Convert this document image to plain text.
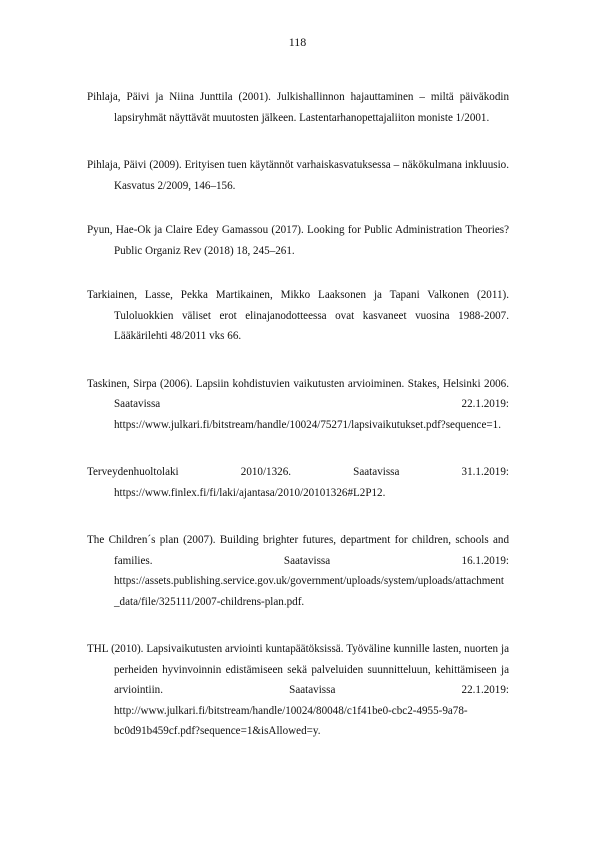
118

Pihlaja, Päivi ja Niina Junttila (2001). Julkishallinnon hajauttaminen – miltä päiväkodin lapsiryhmät näyttävät muutosten jälkeen. Lastentarhanopettajaliiton moniste 1/2001.

Pihlaja, Päivi (2009). Erityisen tuen käytännöt varhaiskasvatuksessa – näkökulmana inkluusio. Kasvatus 2/2009, 146–156.

Pyun, Hae-Ok ja Claire Edey Gamassou (2017). Looking for Public Administration Theories? Public Organiz Rev (2018) 18, 245–261.

Tarkiainen, Lasse, Pekka Martikainen, Mikko Laaksonen ja Tapani Valkonen (2011). Tuloluokkien väliset erot elinajanodotteessa ovat kasvaneet vuosina 1988-2007. Lääkärilehti 48/2011 vks 66.

Taskinen, Sirpa (2006). Lapsiin kohdistuvien vaikutusten arvioiminen. Stakes, Helsinki 2006. Saatavissa 22.1.2019: https://www.julkari.fi/bitstream/handle/10024/75271/lapsivaikutukset.pdf?sequence=1.

Terveydenhuoltolaki 2010/1326. Saatavissa 31.1.2019: https://www.finlex.fi/fi/laki/ajantasa/2010/20101326#L2P12.

The Children´s plan (2007). Building brighter futures, department for children, schools and families. Saatavissa 16.1.2019: https://assets.publishing.service.gov.uk/government/uploads/system/uploads/attachment_data/file/325111/2007-childrens-plan.pdf.

THL (2010). Lapsivaikutusten arviointi kuntapäätöksissä. Työväline kunnille lasten, nuorten ja perheiden hyvinvoinnin edistämiseen sekä palveluiden suunnitteluun, kehittämiseen ja arviointiin. Saatavissa 22.1.2019: http://www.julkari.fi/bitstream/handle/10024/80048/c1f41be0-cbc2-4955-9a78-bc0d91b459cf.pdf?sequence=1&isAllowed=y.
